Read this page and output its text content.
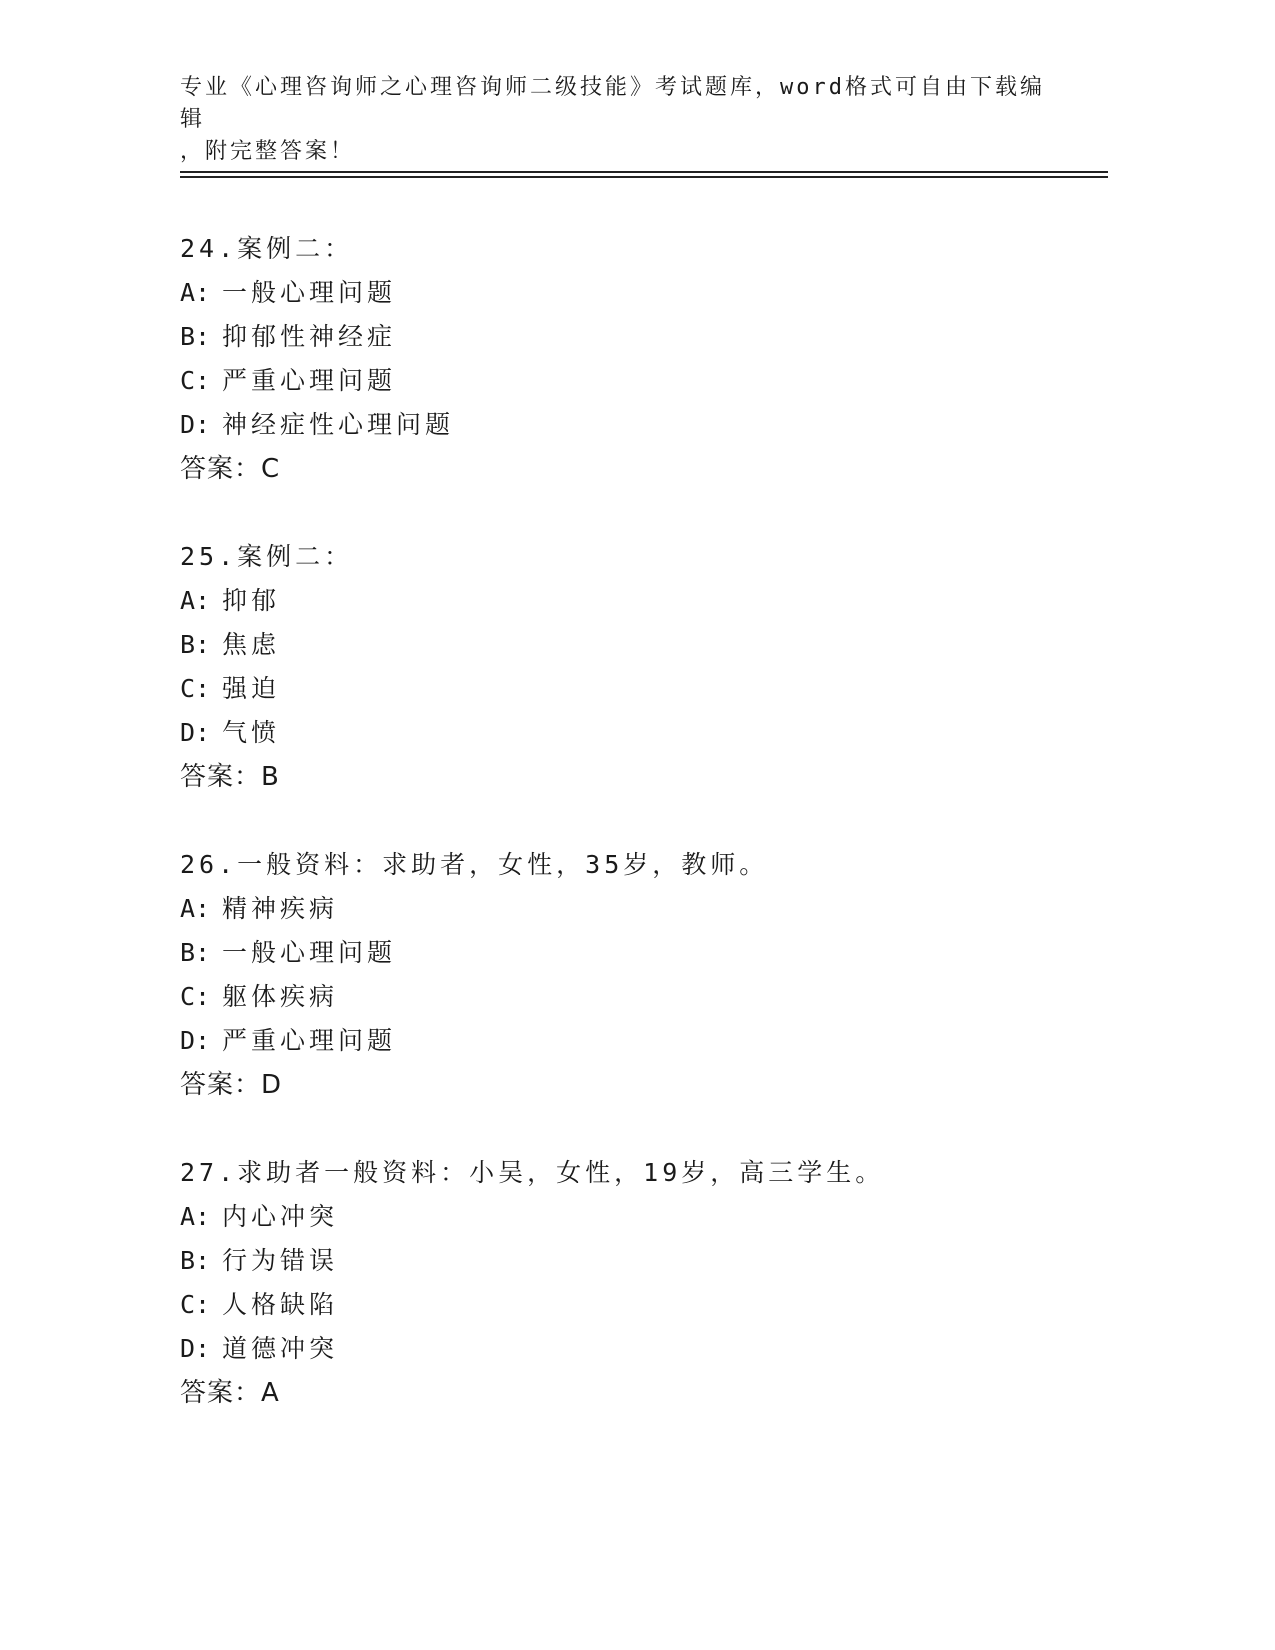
专业《心理咨询师之心理咨询师二级技能》考试题库，word格式可自由下载编辑
，附完整答案！
24.案例二：
A: 一般心理问题
B: 抑郁性神经症
C: 严重心理问题
D: 神经症性心理问题
答案：C
25.案例二：
A: 抑郁
B: 焦虑
C: 强迫
D: 气愤
答案：B
26.一般资料：求助者，女性，35岁，教师。
A: 精神疾病
B: 一般心理问题
C: 躯体疾病
D: 严重心理问题
答案：D
27.求助者一般资料：小吴，女性，19岁，高三学生。
A: 内心冲突
B: 行为错误
C: 人格缺陷
D: 道德冲突
答案：A
